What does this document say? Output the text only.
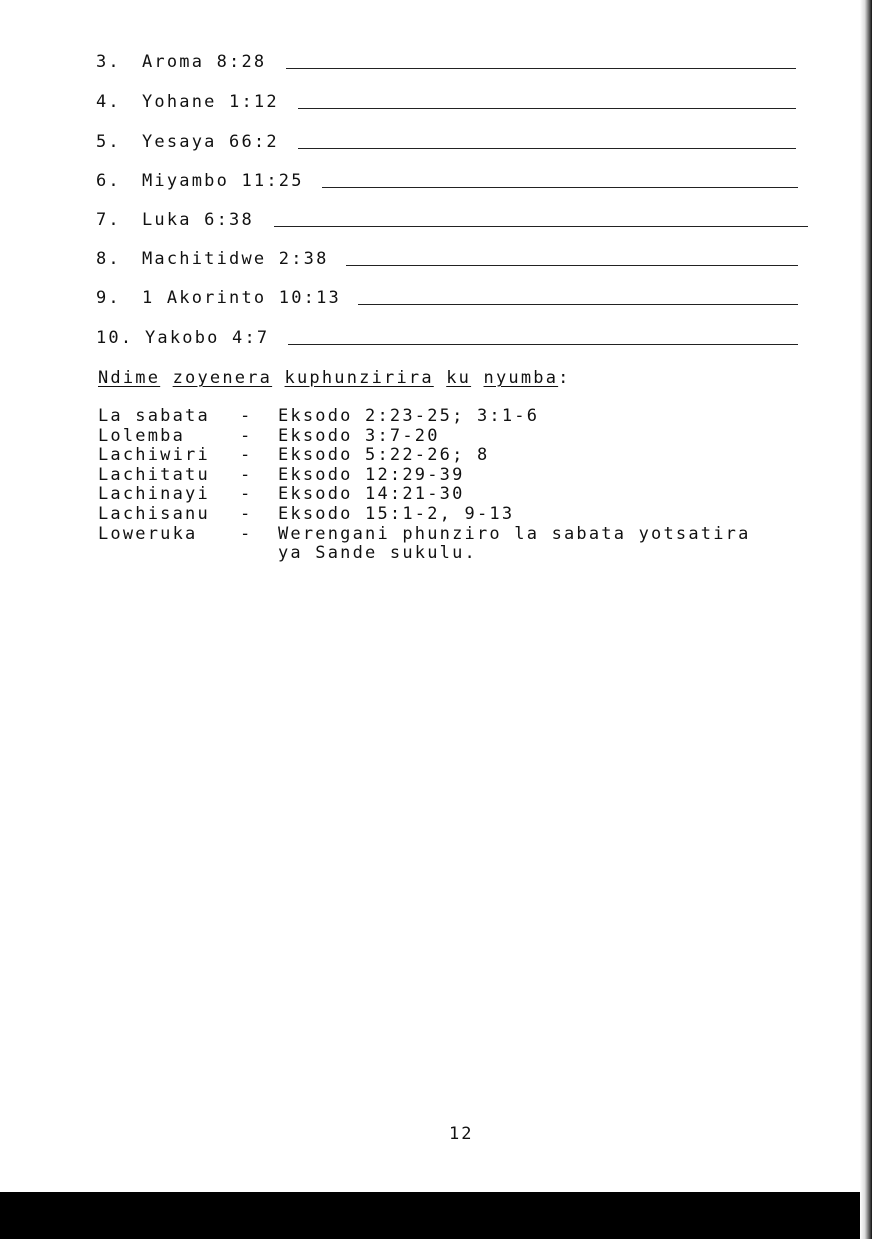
3. Aroma 8:28
4. Yohane 1:12
5. Yesaya 66:2
6. Miyambo 11:25
7. Luka 6:38
8. Machitidwe 2:38
9. 1 Akorinto 10:13
10. Yakobo 4:7
Ndime zoyenera kuphunzirira ku nyumba:
La sabata	-	Eksodo 2:23-25; 3:1-6
Lolemba	-	Eksodo 3:7-20
Lachiwiri	-	Eksodo 5:22-26; 8
Lachitatu	-	Eksodo 12:29-39
Lachinayi	-	Eksodo 14:21-30
Lachisanu	-	Eksodo 15:1-2, 9-13
Loweruka	-	Werengani phunziro la sabata yotsatira ya Sande sukulu.
12
